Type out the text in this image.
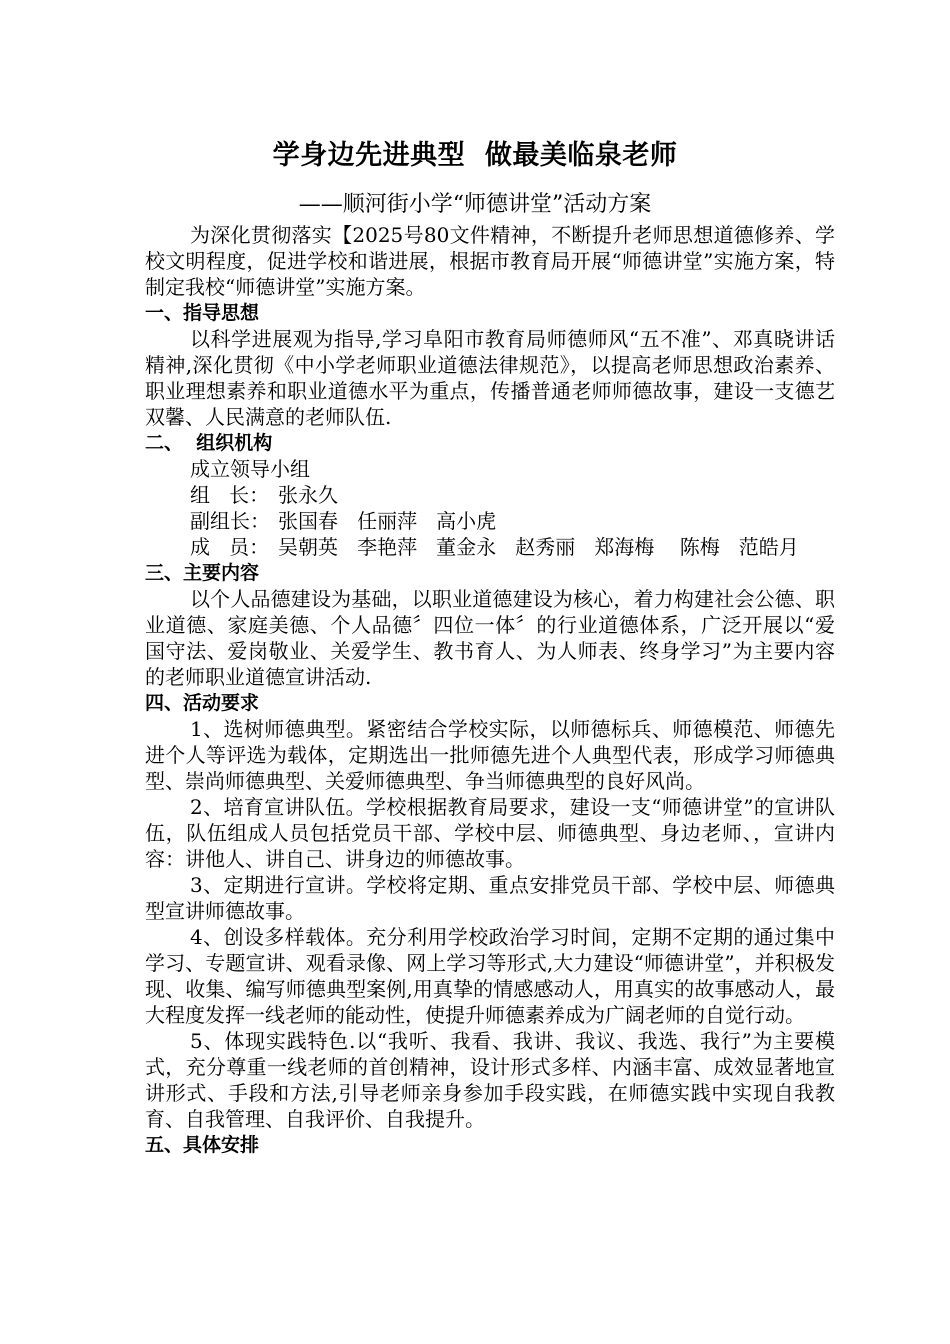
学身边先进典型  做最美临泉老师
——顺河街小学“师德讲堂”活动方案

为深化贯彻落实【2025号80文件精神，不断提升老师思想道德修养、学校文明程度，促进学校和谐进展，根据市教育局开展“师德讲堂”实施方案，特制定我校“师德讲堂”实施方案。

一、指导思想

以科学进展观为指导,学习阜阳市教育局师德师风“五不准”、邓真晓讲话精神,深化贯彻《中小学老师职业道德法律规范》，以提高老师思想政治素养、职业理想素养和职业道德水平为重点，传播普通老师师德故事，建设一支德艺双馨、人民满意的老师队伍.

二、  组织机构

成立领导小组
组   长： 张永久
副组长： 张国春   任丽萍   高小虎
成   员： 吴朝英   李艳萍   董金永   赵秀丽   郑海梅    陈梅   范皓月

三、主要内容

以个人品德建设为基础，以职业道德建设为核心，着力构建社会公德、职业道德、家庭美德、个人品德〞四位一体〞的行业道德体系，广泛开展以“爱国守法、爱岗敬业、关爱学生、教书育人、为人师表、终身学习”为主要内容的老师职业道德宣讲活动.

四、活动要求

1、选树师德典型。紧密结合学校实际，以师德标兵、师德模范、师德先进个人等评选为载体，定期选出一批师德先进个人典型代表，形成学习师德典型、崇尚师德典型、关爱师德典型、争当师德典型的良好风尚。

2、培育宣讲队伍。学校根据教育局要求，建设一支“师德讲堂”的宣讲队伍，队伍组成人员包括党员干部、学校中层、师德典型、身边老师、，宣讲内容：讲他人、讲自己、讲身边的师德故事。

3、定期进行宣讲。学校将定期、重点安排党员干部、学校中层、师德典型宣讲师德故事。

4、创设多样载体。充分利用学校政治学习时间，定期不定期的通过集中学习、专题宣讲、观看录像、网上学习等形式,大力建设“师德讲堂”，并积极发现、收集、编写师德典型案例,用真挚的情感感动人，用真实的故事感动人，最大程度发挥一线老师的能动性，使提升师德素养成为广阔老师的自觉行动。

5、体现实践特色.以“我听、我看、我讲、我议、我选、我行”为主要模式，充分尊重一线老师的首创精神，设计形式多样、内涵丰富、成效显著地宣讲形式、手段和方法,引导老师亲身参加手段实践，在师德实践中实现自我教育、自我管理、自我评价、自我提升。

五、具体安排
